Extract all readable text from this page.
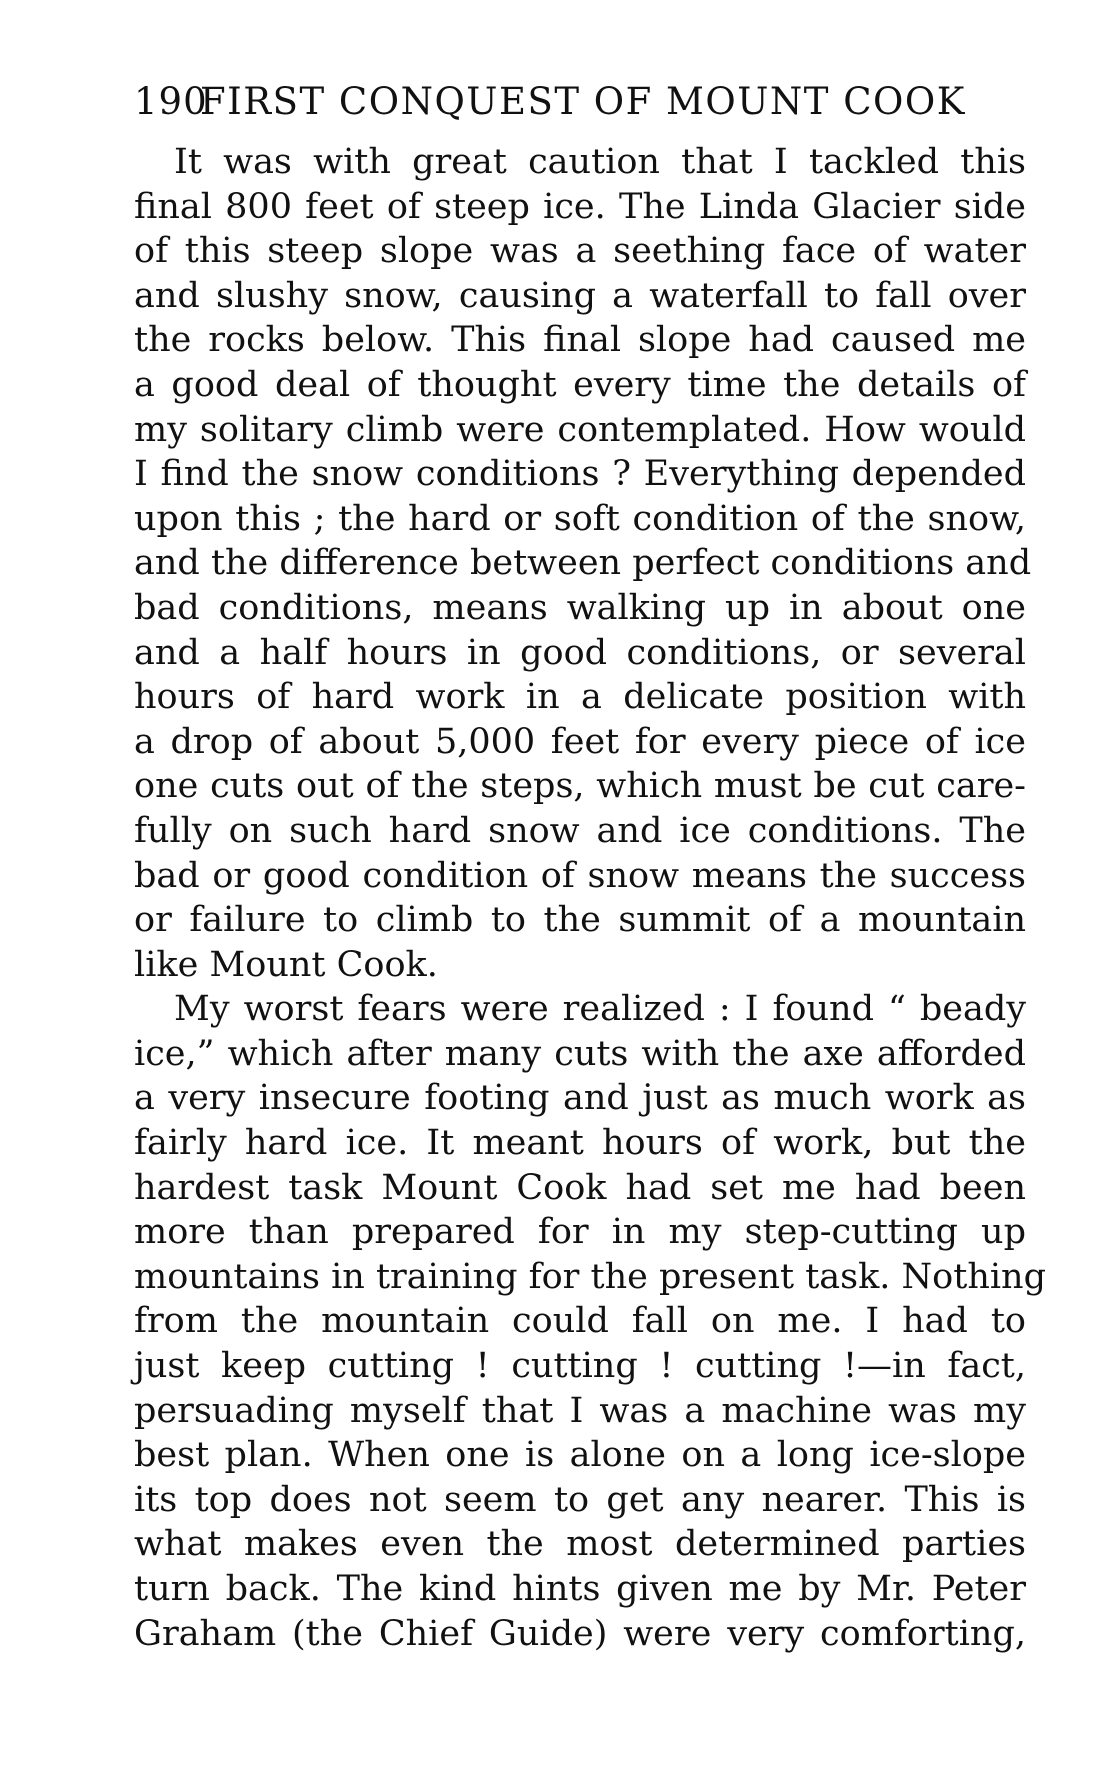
190FIRST CONQUEST OF MOUNT COOK
It was with great caution that I tackled this
final 800 feet of steep ice. The Linda Glacier side
of this steep slope was a seething face of water
and slushy snow, causing a waterfall to fall over
the rocks below. This final slope had caused me
a good deal of thought every time the details of
my solitary climb were contemplated. How would
I find the snow conditions ? Everything depended
upon this ; the hard or soft condition of the snow,
and the difference between perfect conditions and
bad conditions, means walking up in about one
and a half hours in good conditions, or several
hours of hard work in a delicate position with
a drop of about 5,000 feet for every piece of ice
one cuts out of the steps, which must be cut care-
fully on such hard snow and ice conditions. The
bad or good condition of snow means the success
or failure to climb to the summit of a mountain
like Mount Cook.
My worst fears were realized : I found “ beady
ice,” which after many cuts with the axe afforded
a very insecure footing and just as much work as
fairly hard ice. It meant hours of work, but the
hardest task Mount Cook had set me had been
more than prepared for in my step-cutting up
mountains in training for the present task. Nothing
from the mountain could fall on me. I had to
just keep cutting ! cutting ! cutting !—in fact,
persuading myself that I was a machine was my
best plan. When one is alone on a long ice-slope
its top does not seem to get any nearer. This is
what makes even the most determined parties
turn back. The kind hints given me by Mr. Peter
Graham (the Chief Guide) were very comforting,
